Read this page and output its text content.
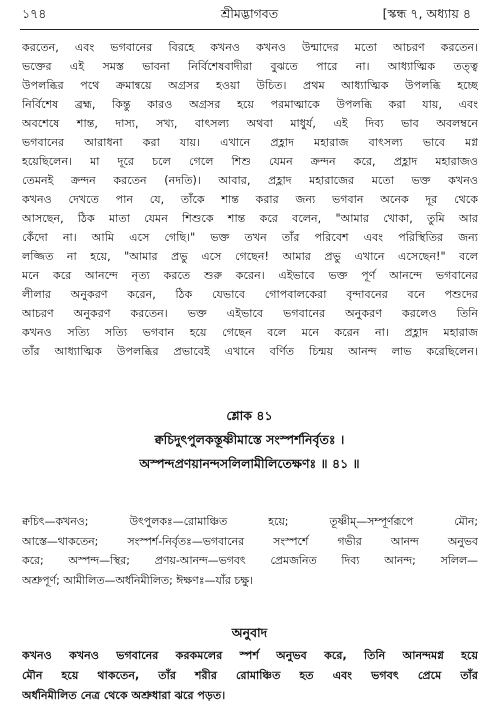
১৭৪	শ্রীমদ্ভাগবত	[স্কন্ধ ৭, অধ্যায় ৪
করতেন, এবং ভগবানের বিরহে কখনও কখনও উন্মাদের মতো আচরণ করতেন।
ভক্তের এই সমস্ত ভাবনা নির্বিশেষবাদীরা বুঝতে পারে না। আধ্যাত্মিক তত্ত্ব
উপলব্ধির পথে ক্রমান্বয়ে অগ্রসর হওয়া উচিত। প্রথম আধ্যাত্মিক উপলব্ধি হচ্ছে
নির্বিশেষ ব্রহ্ম, কিন্তু কারও অগ্রসর হয়ে পরমাত্মাকে উপলব্ধি করা যায়, এবং
অবশেষে শান্ত, দাস্য, সখ্য, বাৎসল্য অথবা মাধুর্য, এই দিব্য ভাব অবলম্বনে
ভগবানের আরাধনা করা যায়। এখানে প্রহ্লাদ মহারাজ বাৎসল্য ভাবে মগ্ন
হয়েছিলেন। মা দূরে চলে গেলে শিশু যেমন ক্রন্দন করে, প্রহ্লাদ মহারাজও
তেমনই ক্রন্দন করতেন (নদতি)। আবার, প্রহ্লাদ মহারাজের মতো ভক্ত কখনও
কখনও দেখতে পান যে, তাঁকে শান্ত করার জন্য ভগবান অনেক দূর থেকে
আসছেন, ঠিক মাতা যেমন শিশুকে শান্ত করে বলেন, "আমার খোকা, তুমি আর
কেঁদো না। আমি এসে গেছি।" ভক্ত তখন তাঁর পরিবেশ এবং পরিস্থিতির জন্য
লজ্জিত না হয়ে, "আমার প্রভু এসে গেছেন! আমার প্রভু এখানে এসেছেন!" বলে
মনে করে আনন্দে নৃত্য করতে শুরু করেন। এইভাবে ভক্ত পূর্ণ আনন্দে ভগবানের
লীলার অনুকরণ করেন, ঠিক যেভাবে গোপবালকেরা বৃন্দাবনের বনে পশুদের
আচরণ অনুকরণ করতেন। ভক্ত এইভাবে ভগবানের অনুকরণ করলেও তিনি
কখনও সত্যি সত্যি ভগবান হয়ে গেছেন বলে মনে করেন না। প্রহ্লাদ মহারাজ
তাঁর আধ্যাত্মিক উপলব্ধির প্রভাবেই এখানে বর্ণিত চিন্ময় আনন্দ লাভ করেছিলেন।
শ্লোক ৪১
ক্বচিদুৎপুলকস্তূষ্ণীমাস্তে সংস্পর্শনির্বৃতঃ ।
অস্পন্দপ্রণয়ানন্দসলিলামীলিতেক্ষণঃ ॥ ৪১ ॥
ক্বচিৎ—কখনও; উৎপুলকঃ—রোমাঞ্চিত হয়ে; তূষ্ণীম্—সম্পূর্ণরূপে মৌন;
আস্তে—থাকতেন; সংস্পর্শ-নির্বৃতঃ—ভগবানের সংস্পর্শে গভীর আনন্দ অনুভব
করে; অস্পন্দ—স্থির; প্রণয়-আনন্দ—ভগবৎ প্রেমজনিত দিব্য আনন্দ; সলিল—
অশ্রুপূর্ণ; আমীলিত—অর্ধনিমীলিত; ঈক্ষণঃ—যাঁর চক্ষু।
অনুবাদ
কখনও কখনও ভগবানের করকমলের স্পর্শ অনুভব করে, তিনি আনন্দমগ্ন হয়ে
মৌন হয়ে থাকতেন, তাঁর শরীর রোমাঞ্চিত হত এবং ভগবৎ প্রেমে তাঁর
অর্ধনিমীলিত নেত্র থেকে অশ্রুধারা ঝরে পড়ত।
